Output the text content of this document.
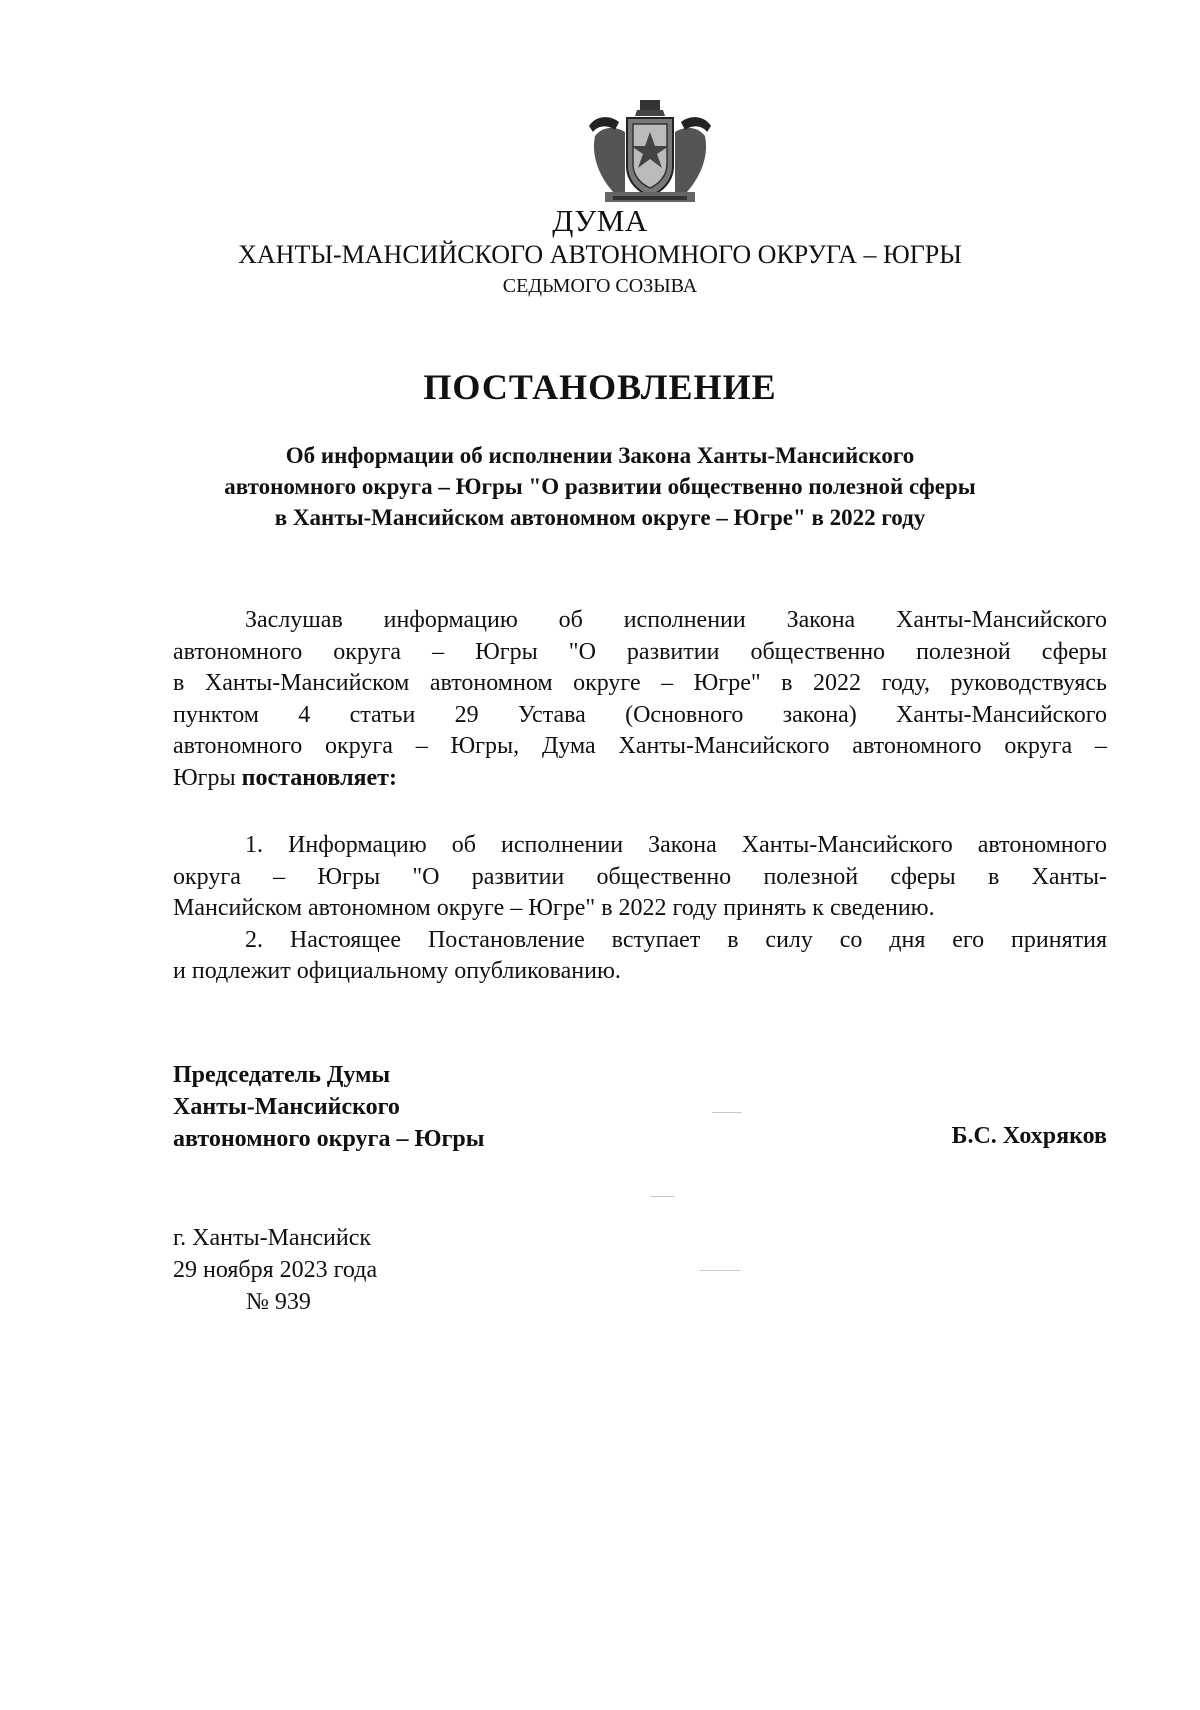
ДУМА
ХАНТЫ-МАНСИЙСКОГО АВТОНОМНОГО ОКРУГА – ЮГРЫ
СЕДЬМОГО СОЗЫВА
ПОСТАНОВЛЕНИЕ
Об информации об исполнении Закона Ханты-Мансийского
автономного округа – Югры "О развитии общественно полезной сферы
в Ханты-Мансийском автономном округе – Югре" в 2022 году
Заслушав информацию об исполнении Закона Ханты-Мансийского
автономного округа – Югры "О развитии общественно полезной сферы
в Ханты-Мансийском автономном округе – Югре" в 2022 году, руководствуясь
пунктом 4 статьи 29 Устава (Основного закона) Ханты-Мансийского
автономного округа – Югры, Дума Ханты-Мансийского автономного округа –
Югры постановляет:
1. Информацию об исполнении Закона Ханты-Мансийского автономного
округа – Югры "О развитии общественно полезной сферы в Ханты-
Мансийском автономном округе – Югре" в 2022 году принять к сведению.
2. Настоящее Постановление вступает в силу со дня его принятия
и подлежит официальному опубликованию.
Председатель Думы
Ханты-Мансийского
автономного округа – Югры	Б.С. Хохряков
г. Ханты-Мансийск
29 ноября 2023 года
№ 939
